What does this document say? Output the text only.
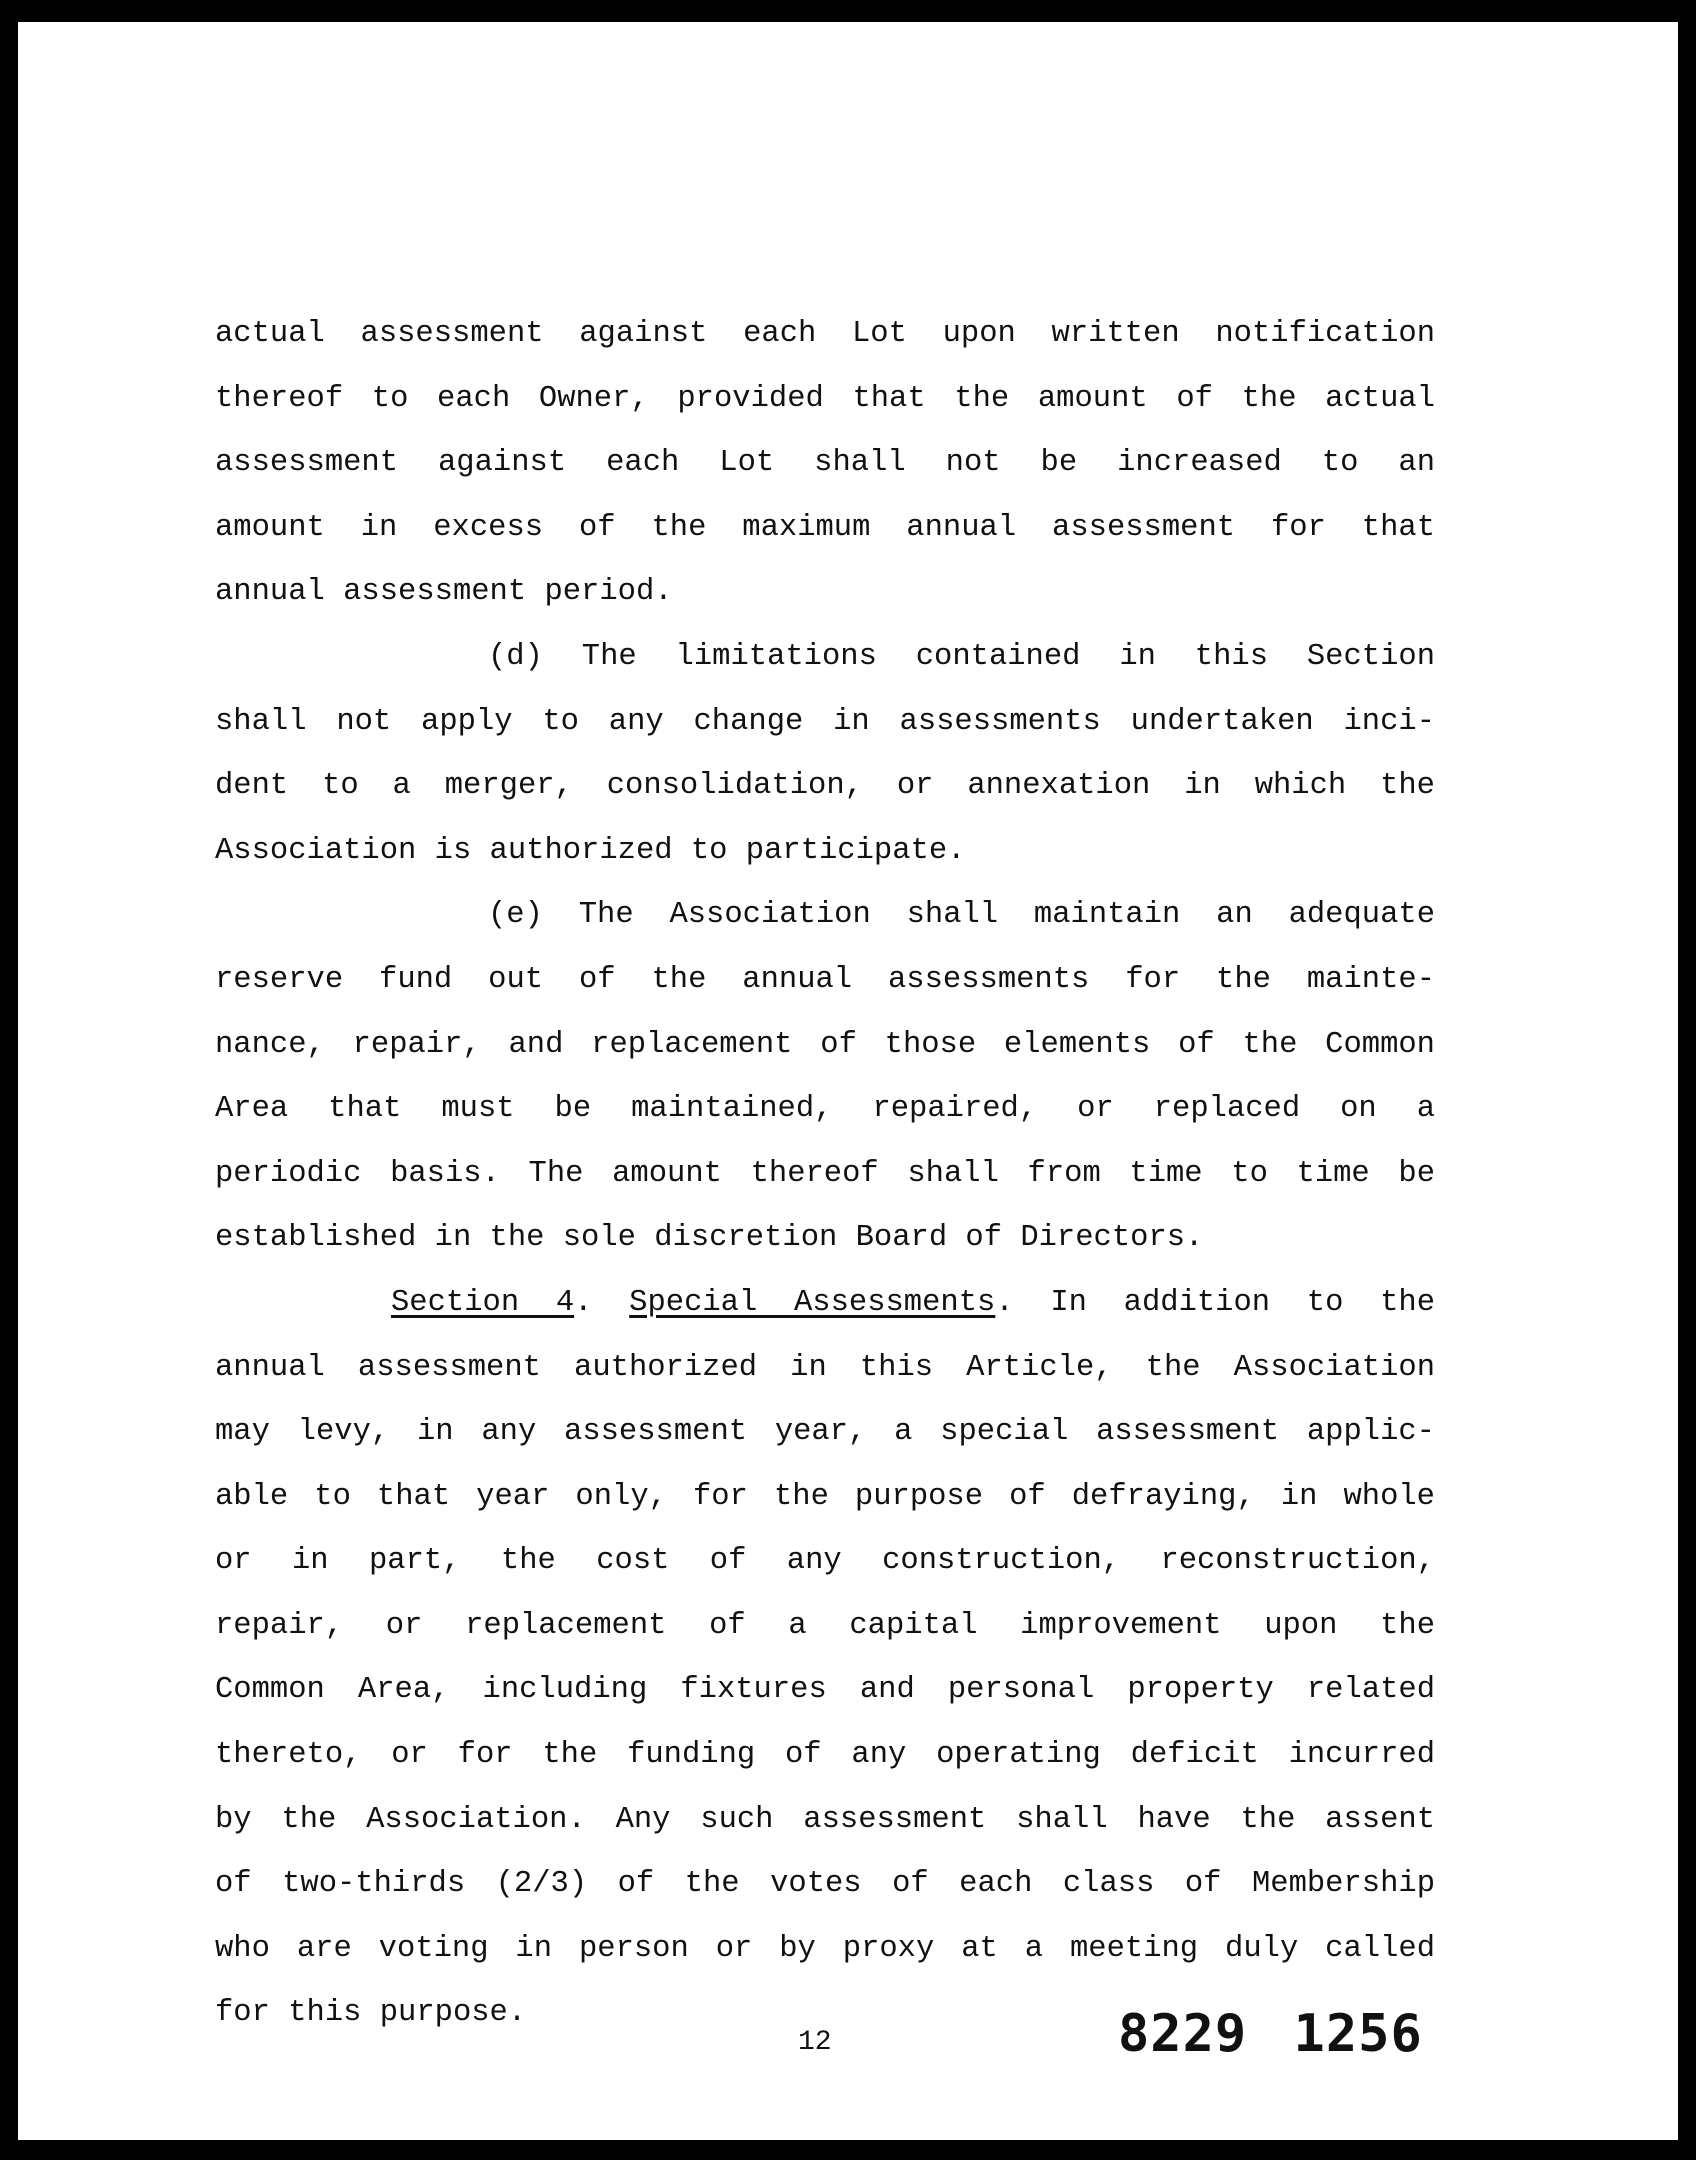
actual assessment against each Lot upon written notification
thereof to each Owner, provided that the amount of the actual
assessment against each Lot shall not be increased to an
amount in excess of the maximum annual assessment for that
annual assessment period.
(d) The limitations contained in this Section
shall not apply to any change in assessments undertaken inci-
dent to a merger, consolidation, or annexation in which the
Association is authorized to participate.
(e) The Association shall maintain an adequate
reserve fund out of the annual assessments for the mainte-
nance, repair, and replacement of those elements of the Common
Area that must be maintained, repaired, or replaced on a
periodic basis. The amount thereof shall from time to time be
established in the sole discretion Board of Directors.
Section 4. Special Assessments. In addition to the
annual assessment authorized in this Article, the Association
may levy, in any assessment year, a special assessment applic-
able to that year only, for the purpose of defraying, in whole
or in part, the cost of any construction, reconstruction,
repair, or replacement of a capital improvement upon the
Common Area, including fixtures and personal property related
thereto, or for the funding of any operating deficit incurred
by the Association. Any such assessment shall have the assent
of two-thirds (2/3) of the votes of each class of Membership
who are voting in person or by proxy at a meeting duly called
for this purpose.
12	8229 1256
